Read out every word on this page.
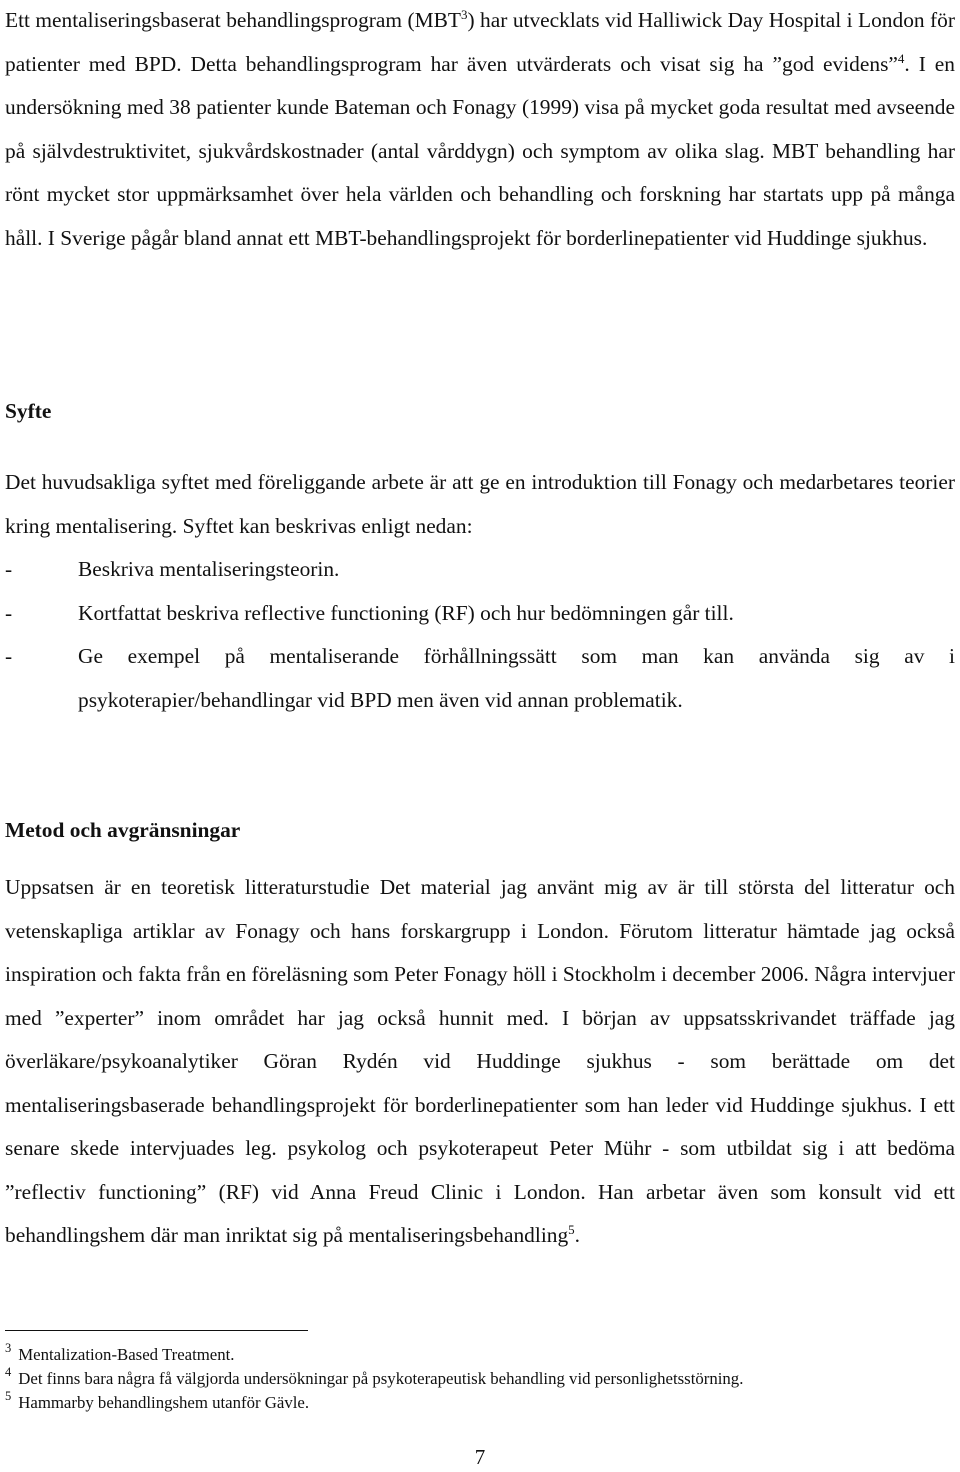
Ett mentaliseringsbaserat behandlingsprogram (MBT$^3$) har utvecklats vid Halliwick Day Hospital i London för patienter med BPD. Detta behandlingsprogram har även utvärderats och visat sig ha ”god evidens”$^4$. I en undersökning med 38 patienter kunde Bateman och Fonagy (1999) visa på mycket goda resultat med avseende på självdestruktivitet, sjukvårdskostnader (antal vårddygn) och symptom av olika slag. MBT behandling har rönt mycket stor uppmärksamhet över hela världen och behandling och forskning har startats upp på många håll. I Sverige pågår bland annat ett MBT-behandlingsprojekt för borderlinepatienter vid Huddinge sjukhus.

Syfte

Det huvudsakliga syftet med föreliggande arbete är att ge en introduktion till Fonagy och medarbetares teorier kring mentalisering. Syftet kan beskrivas enligt nedan:

-	Beskriva mentaliseringsteorin.

-	Kortfattat beskriva reflective functioning (RF) och hur bedömningen går till.

-	Ge exempel på mentaliserande förhållningssätt som man kan använda sig av i psykoterapier/behandlingar vid BPD men även vid annan problematik.

Metod och avgränsningar

Uppsatsen är en teoretisk litteraturstudie Det material jag använt mig av är till största del litteratur och vetenskapliga artiklar av Fonagy och hans forskargrupp i London. Förutom litteratur hämtade jag också inspiration och fakta från en föreläsning som Peter Fonagy höll i Stockholm i december 2006. Några intervjuer med ”experter” inom området har jag också hunnit med. I början av uppsatsskrivandet träffade jag överläkare/psykoanalytiker Göran Rydén vid Huddinge sjukhus - som berättade om det mentaliseringsbaserade behandlingsprojekt för borderlinepatienter som han leder vid Huddinge sjukhus. I ett senare skede intervjuades leg. psykolog och psykoterapeut Peter Mühr - som utbildat sig i att bedöma ”reflectiv functioning” (RF) vid Anna Freud Clinic i London. Han arbetar även som konsult vid ett behandlingshem där man inriktat sig på mentaliseringsbehandling$^5$.

$^3$ Mentalization-Based Treatment.
$^4$ Det finns bara några få välgjorda undersökningar på psykoterapeutisk behandling vid personlighetsstörning.
$^5$ Hammarby behandlingshem utanför Gävle.
7
